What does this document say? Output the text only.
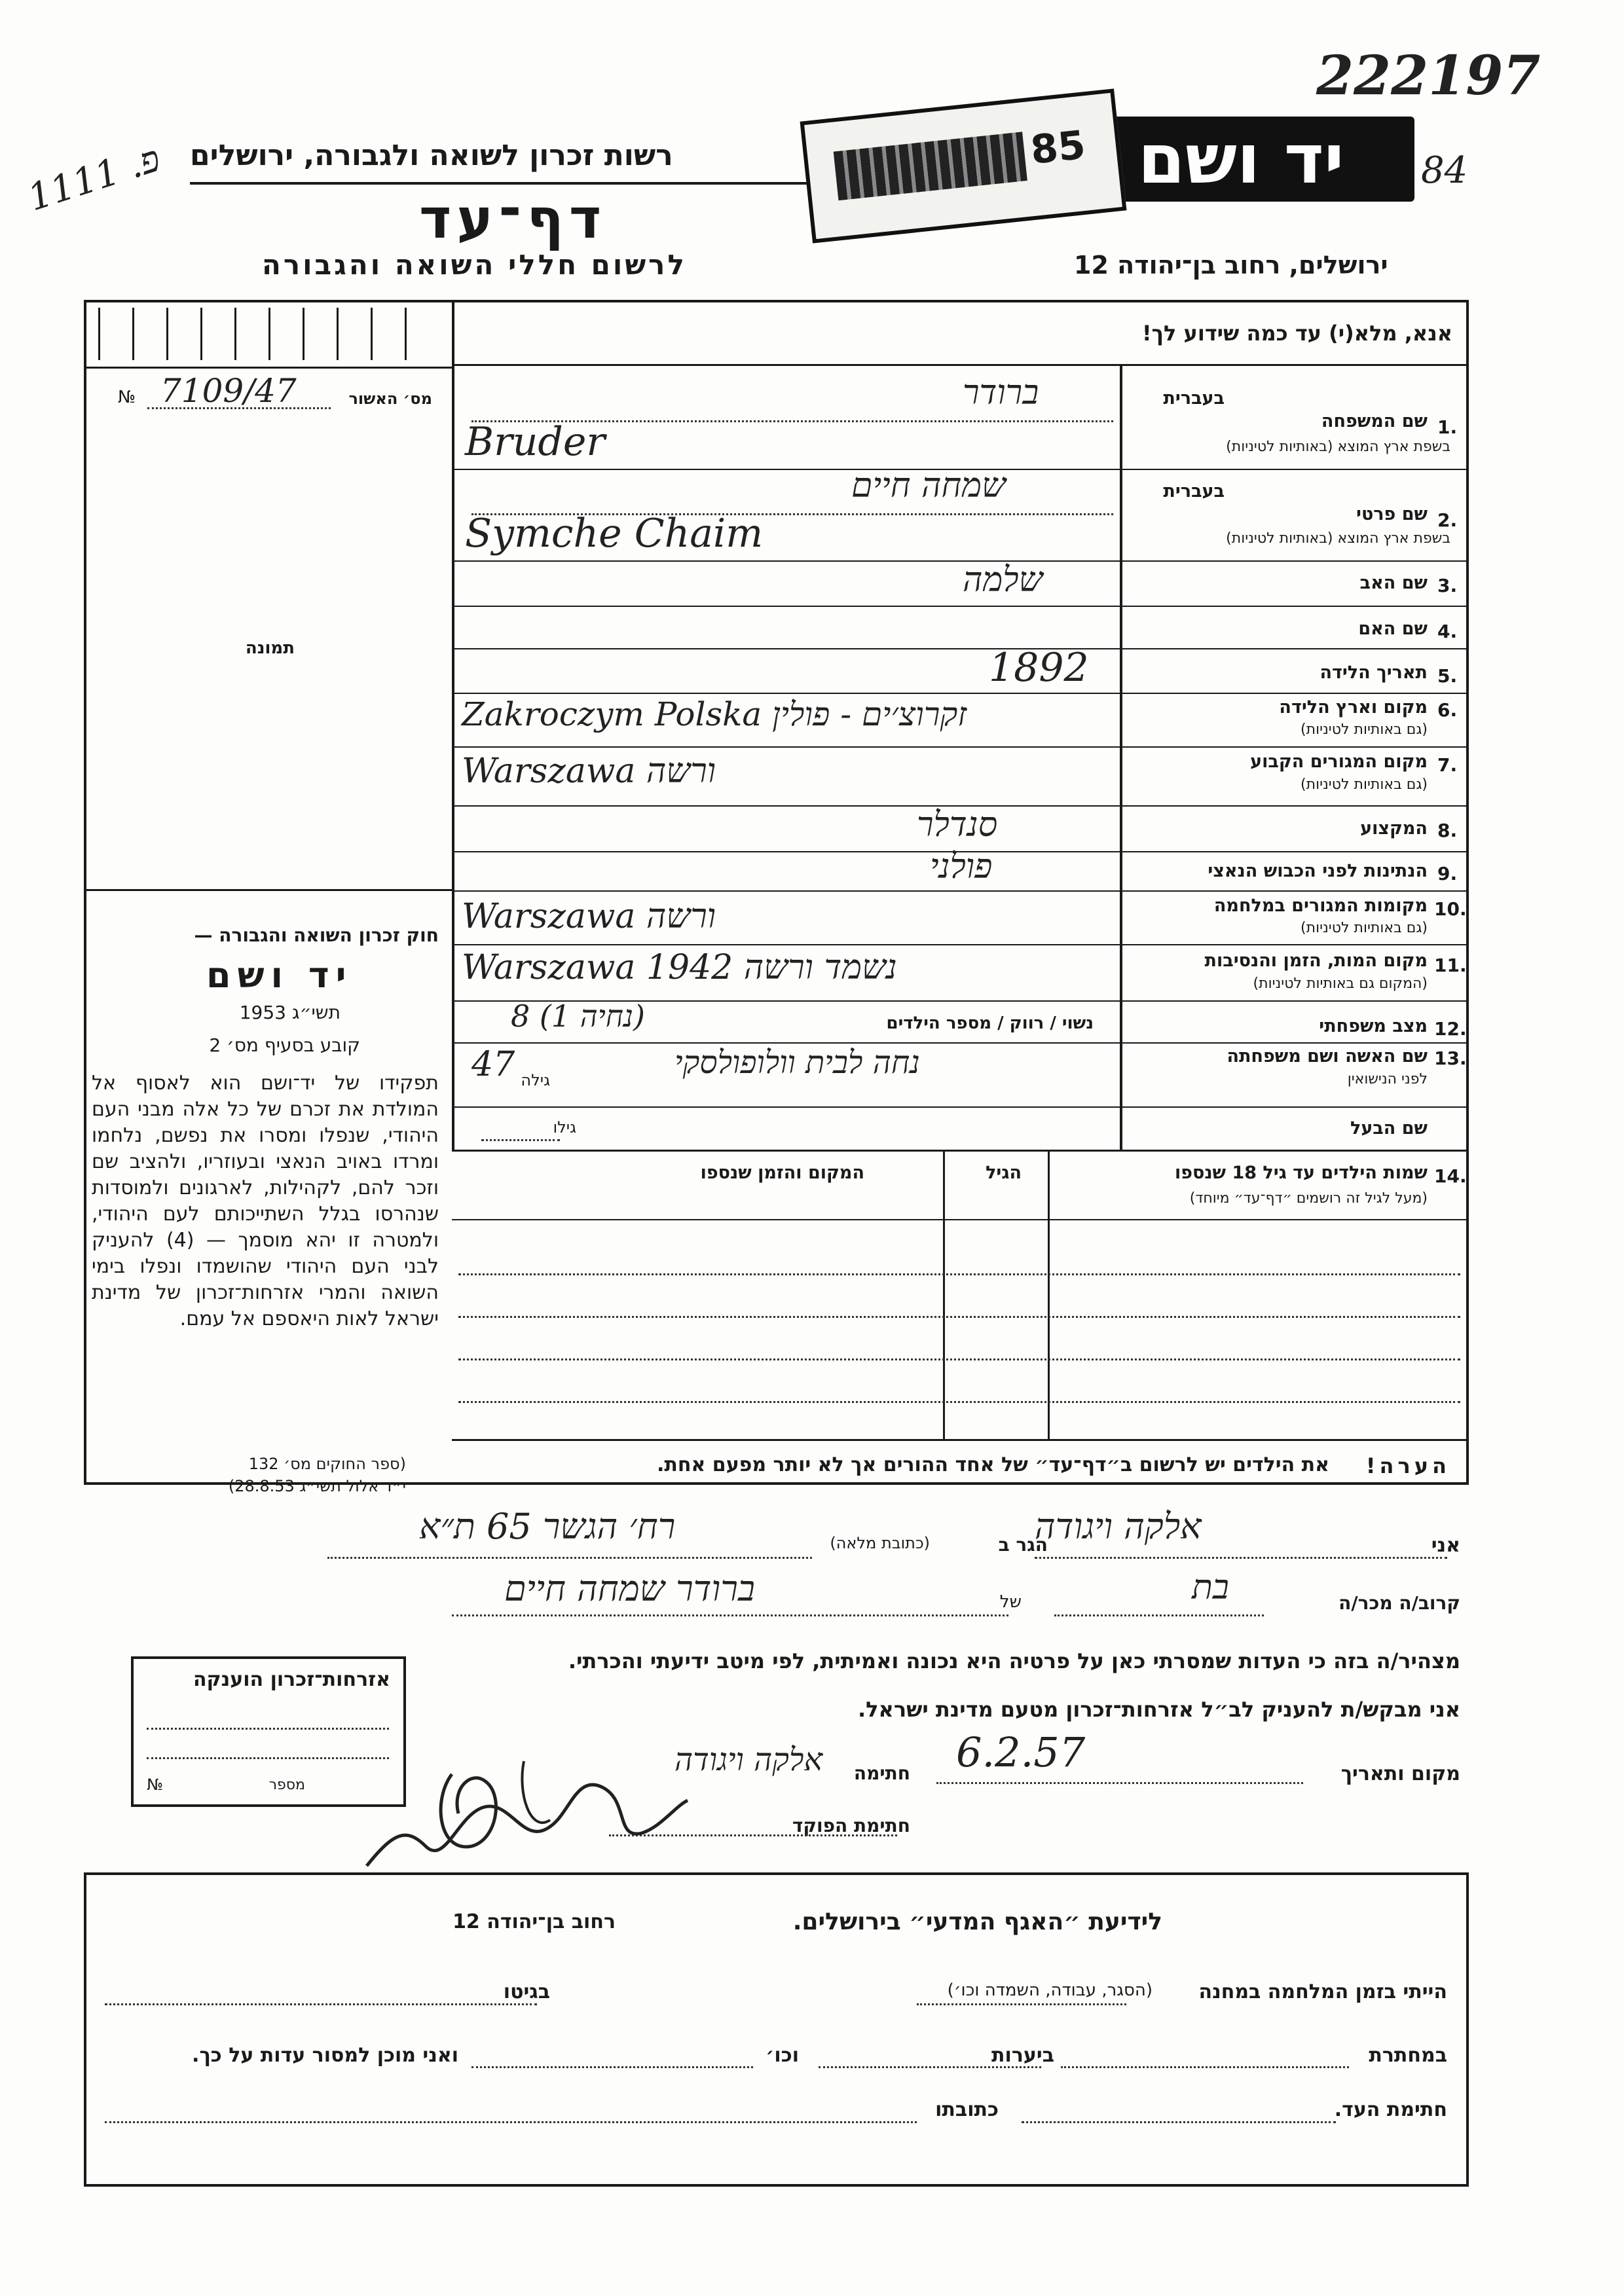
222197
84
פ. 1111 רשות זכרון לשואה ולגבורה, ירושלים	יד ושם
85
דף־עד
ירושלים, רחוב בן־יהודה 12
לרשום חללי השואה והגבורה
אנא, מלא(י) עד כמה שידוע לך!
מס׳ האשור
№ 7109/47
תמונה
1.
בעברית
שם המשפחה
בשפת ארץ המוצא (באותיות לטיניות)
ברודר
Bruder
2.
בעברית
שם פרטי
בשפת ארץ המוצא (באותיות לטיניות)
שמחה חיים
Symche Chaim
3.
שם האב
שלמה
4.
שם האם
5.
תאריך הלידה
1892
6.
מקום וארץ הלידה
(גם באותיות לטיניות)
Zakroczym Polska זקרוצ׳ים - פולין
7.
מקום המגורים הקבוע
(גם באותיות לטיניות)
Warszawa ורשה
8.
המקצוע
סנדלר
9.
הנתינות לפני הכבוש הנאצי
פולני
10.
מקומות המגורים במלחמה
(גם באותיות לטיניות)
Warszawa ורשה
11.
מקום המות, הזמן והנסיבות
(המקום גם באותיות לטיניות)
Warszawa נשמד ורשה 1942
12.
מצב משפחתי
נשוי / רווק / מספר הילדים
8 (1 נחיה)
13.
שם האשה ושם משפחתה
לפני הנישואין
נחה לבית וולופולסקי
גילה
47
שם הבעל
גילו
14.
שמות הילדים עד גיל 18 שנספו
(מעל לגיל זה רושמים ״דף־עד״ מיוחד)
הגיל
המקום והזמן שנספו
הערה!
את הילדים יש לרשום ב״דף־עד״ של אחד ההורים אך לא יותר מפעם אחת.
חוק זכרון השואה והגבורה —
יד ושם
תשי״ג 1953
קובע בסעיף מס׳ 2
תפקידו של יד־ושם הוא לאסוף אל המולדת את זכרם של כל אלה מבני העם היהודי, שנפלו ומסרו את נפשם, נלחמו ומרדו באויב הנאצי ובעוזריו, ולהציב שם וזכר להם, לקהילות, לארגונים ולמוסדות שנהרסו בגלל השתייכותם לעם היהודי, ולמטרה זו יהא מוסמך — (4) להעניק לבני העם היהודי שהושמדו ונפלו בימי השואה והמרי אזרחות־זכרון של מדינת ישראל לאות היאספם אל עמם.
(ספר החוקים מס׳ 132
י״ד אלול תשי״ג 28.8.53)
אני
אלקה ויגודה
הגר ב
(כתובת מלאה)
רח׳ הגשר 65 ת״א
קרוב/ה מכר/ה
בת
של
ברודר שמחה חיים
מצהיר/ה בזה כי העדות שמסרתי כאן על פרטיה היא נכונה ואמיתית, לפי מיטב ידיעתי והכרתי.
אני מבקש/ת להעניק לב״ל אזרחות־זכרון מטעם מדינת ישראל.
מקום ותאריך
6.2.57
חתימה
אלקה ויגודה
חתימת הפוקד
אזרחות־זכרון הוענקה
מספר
№
לידיעת ״האגף המדעי״ בירושלים.
רחוב בן־יהודה 12
הייתי בזמן המלחמה במחנה
(הסגר, עבודה, השמדה וכו׳)
בגיטו
במחתרת
ביערות
וכו׳
ואני מוכן למסור עדות על כך.
חתימת העד.
כתובתו
